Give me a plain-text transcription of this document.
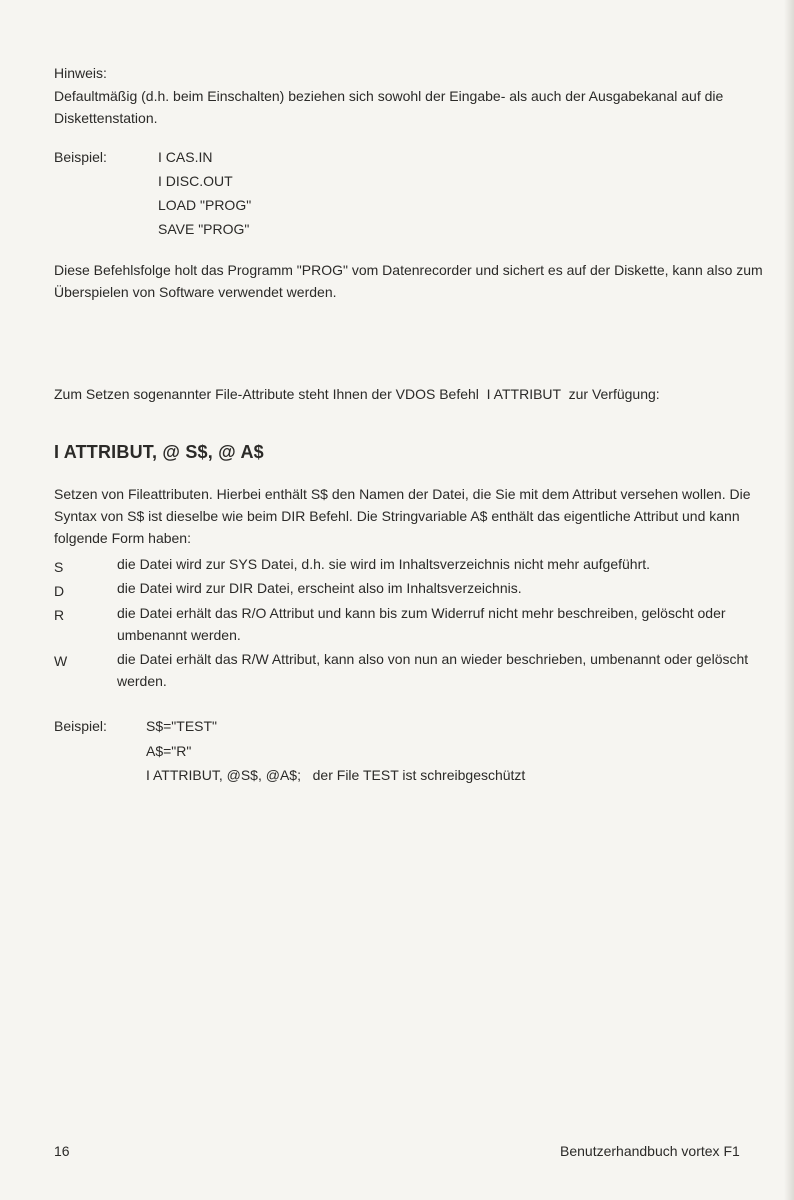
Hinweis:
Defaultmäßig (d.h. beim Einschalten) beziehen sich sowohl der Eingabe- als auch der Ausgabekanal auf die Diskettenstation.
Beispiel:	I CAS.IN
I DISC.OUT
LOAD "PROG"
SAVE "PROG"
Diese Befehlsfolge holt das Programm "PROG" vom Datenrecorder und sichert es auf der Diskette, kann also zum Überspielen von Software verwendet werden.
Zum Setzen sogenannter File-Attribute steht Ihnen der VDOS Befehl  I ATTRIBUT  zur Verfügung:
I ATTRIBUT, @ S$, @ A$
Setzen von Fileattributen. Hierbei enthält S$ den Namen der Datei, die Sie mit dem Attribut versehen wollen. Die Syntax von S$ ist dieselbe wie beim DIR Befehl. Die Stringvariable A$ enthält das eigentliche Attribut und kann folgende Form haben:
S	die Datei wird zur SYS Datei, d.h. sie wird im Inhaltsverzeichnis nicht mehr aufgeführt.
D	die Datei wird zur DIR Datei, erscheint also im Inhaltsverzeichnis.
R	die Datei erhält das R/O Attribut und kann bis zum Widerruf nicht mehr beschreiben, gelöscht oder umbenannt werden.
W	die Datei erhält das R/W Attribut, kann also von nun an wieder beschrieben, umbenannt oder gelöscht werden.
Beispiel:	S$="TEST"
A$="R"
I ATTRIBUT, @S$, @A$;   der File TEST ist schreibgeschützt
16	Benutzerhandbuch vortex F1
